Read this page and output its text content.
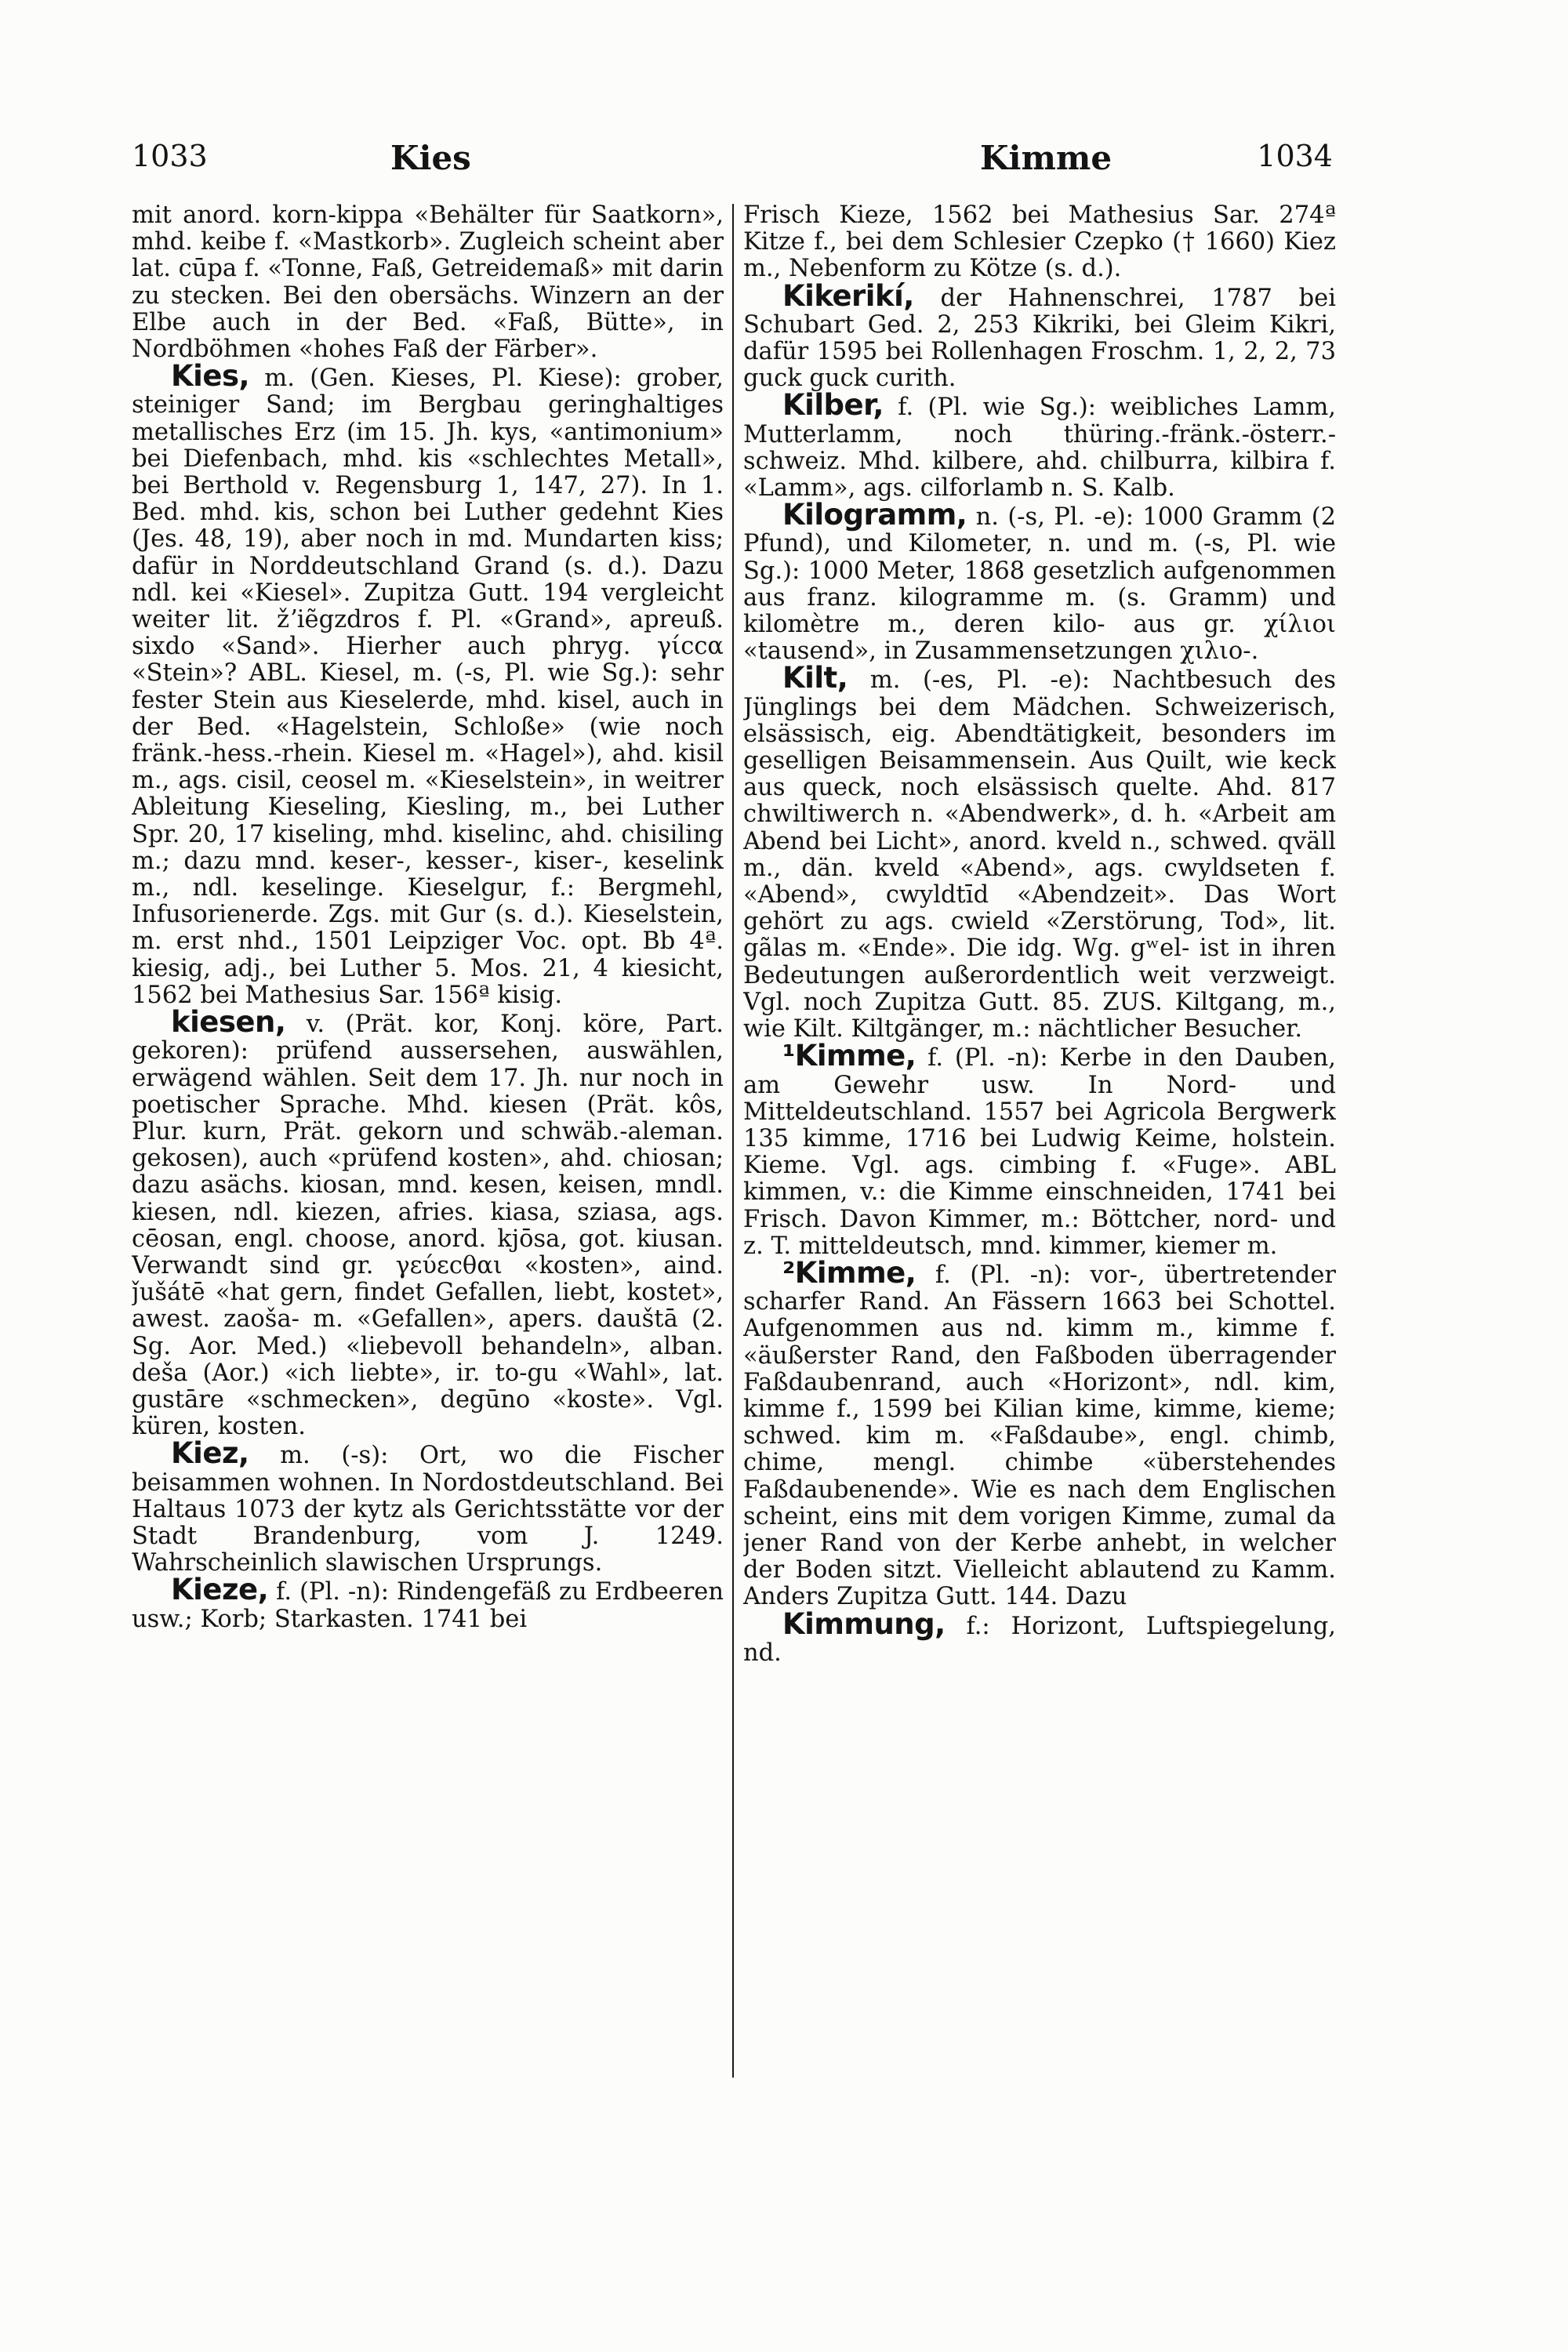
1033	Kies	Kimme	1034

mit anord. korn-kippa «Behälter für Saatkorn», mhd. keibe f. «Mastkorb». Zugleich scheint aber lat. cūpa f. «Tonne, Faß, Getreidemaß» mit darin zu stecken. Bei den obersächs. Winzern an der Elbe auch in der Bed. «Faß, Bütte», in Nordböhmen «hohes Faß der Färber».

Kies, m. (Gen. Kieses, Pl. Kiese): grober, steiniger Sand; im Bergbau geringhaltiges metallisches Erz (im 15. Jh. kys, «antimonium» bei Diefenbach, mhd. kis «schlechtes Metall», bei Berthold v. Regensburg 1, 147, 27). In 1. Bed. mhd. kis, schon bei Luther gedehnt Kies (Jes. 48, 19), aber noch in md. Mundarten kiss; dafür in Norddeutschland Grand (s. d.). Dazu ndl. kei «Kiesel». Zupitza Gutt. 194 vergleicht weiter lit. žʼiẽgzdros f. Pl. «Grand», apreuß. sixdo «Sand». Hierher auch phryg. γίccα «Stein»? ABL. Kiesel, m. (-s, Pl. wie Sg.): sehr fester Stein aus Kieselerde, mhd. kisel, auch in der Bed. «Hagelstein, Schloße» (wie noch fränk.-hess.-rhein. Kiesel m. «Hagel»), ahd. kisil m., ags. cisil, ceosel m. «Kieselstein», in weitrer Ableitung Kieseling, Kiesling, m., bei Luther Spr. 20, 17 kiseling, mhd. kiselinc, ahd. chisiling m.; dazu mnd. keser-, kesser-, kiser-, keselink m., ndl. keselinge. Kieselgur, f.: Bergmehl, Infusorienerde. Zgs. mit Gur (s. d.). Kieselstein, m. erst nhd., 1501 Leipziger Voc. opt. Bb 4ª. kiesig, adj., bei Luther 5. Mos. 21, 4 kiesicht, 1562 bei Mathesius Sar. 156ª kisig.

kiesen, v. (Prät. kor, Konj. köre, Part. gekoren): prüfend aussersehen, auswählen, erwägend wählen. Seit dem 17. Jh. nur noch in poetischer Sprache. Mhd. kiesen (Prät. kôs, Plur. kurn, Prät. gekorn und schwäb.-aleman. gekosen), auch «prüfend kosten», ahd. chiosan; dazu asächs. kiosan, mnd. kesen, keisen, mndl. kiesen, ndl. kiezen, afries. kiasa, sziasa, ags. cēosan, engl. choose, anord. kjōsa, got. kiusan. Verwandt sind gr. γεύεcθαι «kosten», aind. ǰušátē «hat gern, findet Gefallen, liebt, kostet», awest. zaoša- m. «Gefallen», apers. dauštā (2. Sg. Aor. Med.) «liebevoll behandeln», alban. deša (Aor.) «ich liebte», ir. to-gu «Wahl», lat. gustāre «schmecken», degūno «koste». Vgl. küren, kosten.

Kiez, m. (-s): Ort, wo die Fischer beisammen wohnen. In Nordostdeutschland. Bei Haltaus 1073 der kytz als Gerichtsstätte vor der Stadt Brandenburg, vom J. 1249. Wahrscheinlich slawischen Ursprungs.

Kieze, f. (Pl. -n): Rindengefäß zu Erdbeeren usw.; Korb; Starkasten. 1741 bei

Frisch Kieze, 1562 bei Mathesius Sar. 274ª Kitze f., bei dem Schlesier Czepko († 1660) Kiez m., Nebenform zu Kötze (s. d.).

Kikerikí, der Hahnenschrei, 1787 bei Schubart Ged. 2, 253 Kikriki, bei Gleim Kikri, dafür 1595 bei Rollenhagen Froschm. 1, 2, 2, 73 guck guck curith.

Kilber, f. (Pl. wie Sg.): weibliches Lamm, Mutterlamm, noch thüring.-fränk.-österr.-schweiz. Mhd. kilbere, ahd. chilburra, kilbira f. «Lamm», ags. cilforlamb n. S. Kalb.

Kilogramm, n. (-s, Pl. -e): 1000 Gramm (2 Pfund), und Kilometer, n. und m. (-s, Pl. wie Sg.): 1000 Meter, 1868 gesetzlich aufgenommen aus franz. kilogramme m. (s. Gramm) und kilomètre m., deren kilo- aus gr. χίλιοι «tausend», in Zusammensetzungen χιλιο-.

Kilt, m. (-es, Pl. -e): Nachtbesuch des Jünglings bei dem Mädchen. Schweizerisch, elsässisch, eig. Abendtätigkeit, besonders im geselligen Beisammensein. Aus Quilt, wie keck aus queck, noch elsässisch quelte. Ahd. 817 chwiltiwerch n. «Abendwerk», d. h. «Arbeit am Abend bei Licht», anord. kveld n., schwed. qväll m., dän. kveld «Abend», ags. cwyldseten f. «Abend», cwyldtīd «Abendzeit». Das Wort gehört zu ags. cwield «Zerstörung, Tod», lit. gãlas m. «Ende». Die idg. Wg. gʷel- ist in ihren Bedeutungen außerordentlich weit verzweigt. Vgl. noch Zupitza Gutt. 85. ZUS. Kiltgang, m., wie Kilt. Kiltgänger, m.: nächtlicher Besucher.

¹Kimme, f. (Pl. -n): Kerbe in den Dauben, am Gewehr usw. In Nord- und Mitteldeutschland. 1557 bei Agricola Bergwerk 135 kimme, 1716 bei Ludwig Keime, holstein. Kieme. Vgl. ags. cimbing f. «Fuge». ABL kimmen, v.: die Kimme einschneiden, 1741 bei Frisch. Davon Kimmer, m.: Böttcher, nord- und z. T. mitteldeutsch, mnd. kimmer, kiemer m.

²Kimme, f. (Pl. -n): vor-, übertretender scharfer Rand. An Fässern 1663 bei Schottel. Aufgenommen aus nd. kimm m., kimme f. «äußerster Rand, den Faßboden überragender Faßdaubenrand, auch «Horizont», ndl. kim, kimme f., 1599 bei Kilian kime, kimme, kieme; schwed. kim m. «Faßdaube», engl. chimb, chime, mengl. chimbe «überstehendes Faßdaubenende». Wie es nach dem Englischen scheint, eins mit dem vorigen Kimme, zumal da jener Rand von der Kerbe anhebt, in welcher der Boden sitzt. Vielleicht ablautend zu Kamm. Anders Zupitza Gutt. 144. Dazu

Kimmung, f.: Horizont, Luftspiegelung, nd.
